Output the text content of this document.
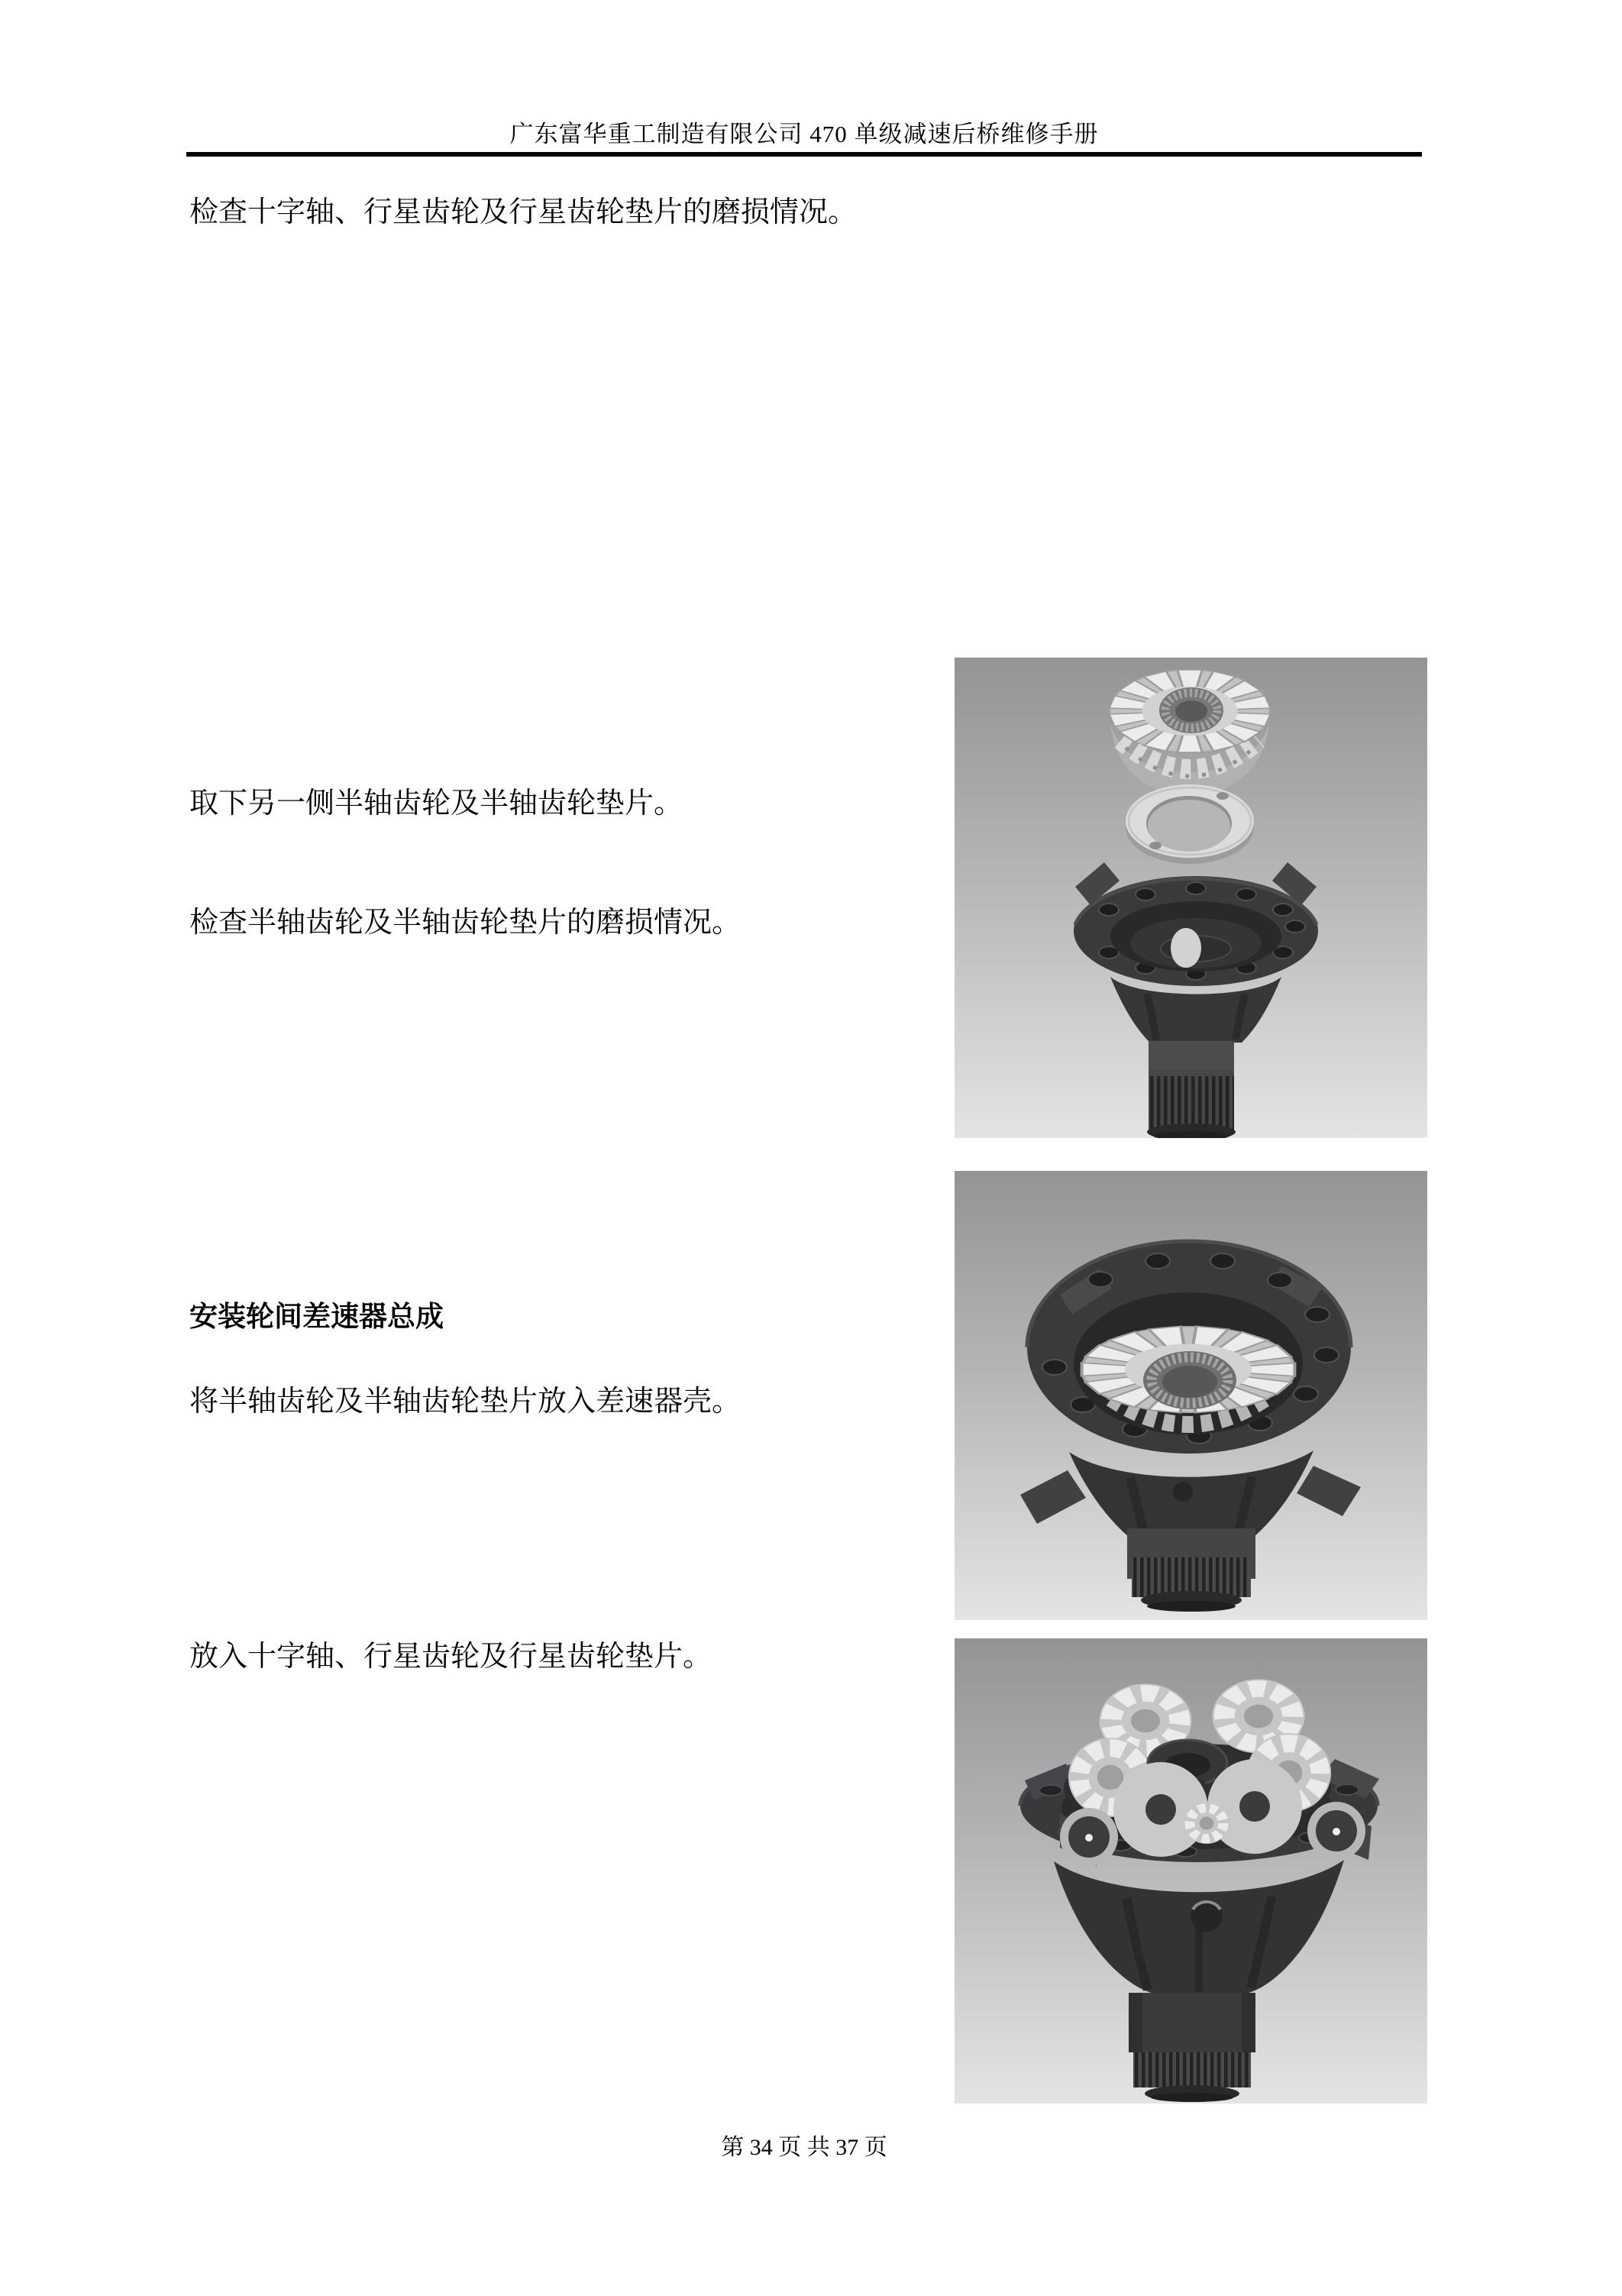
广东富华重工制造有限公司 470 单级减速后桥维修手册
检查十字轴、行星齿轮及行星齿轮垫片的磨损情况。

取下另一侧半轴齿轮及半轴齿轮垫片。

检查半轴齿轮及半轴齿轮垫片的磨损情况。

安装轮间差速器总成
将半轴齿轮及半轴齿轮垫片放入差速器壳。
放入十字轴、行星齿轮及行星齿轮垫片。
第 34 页 共 37 页
